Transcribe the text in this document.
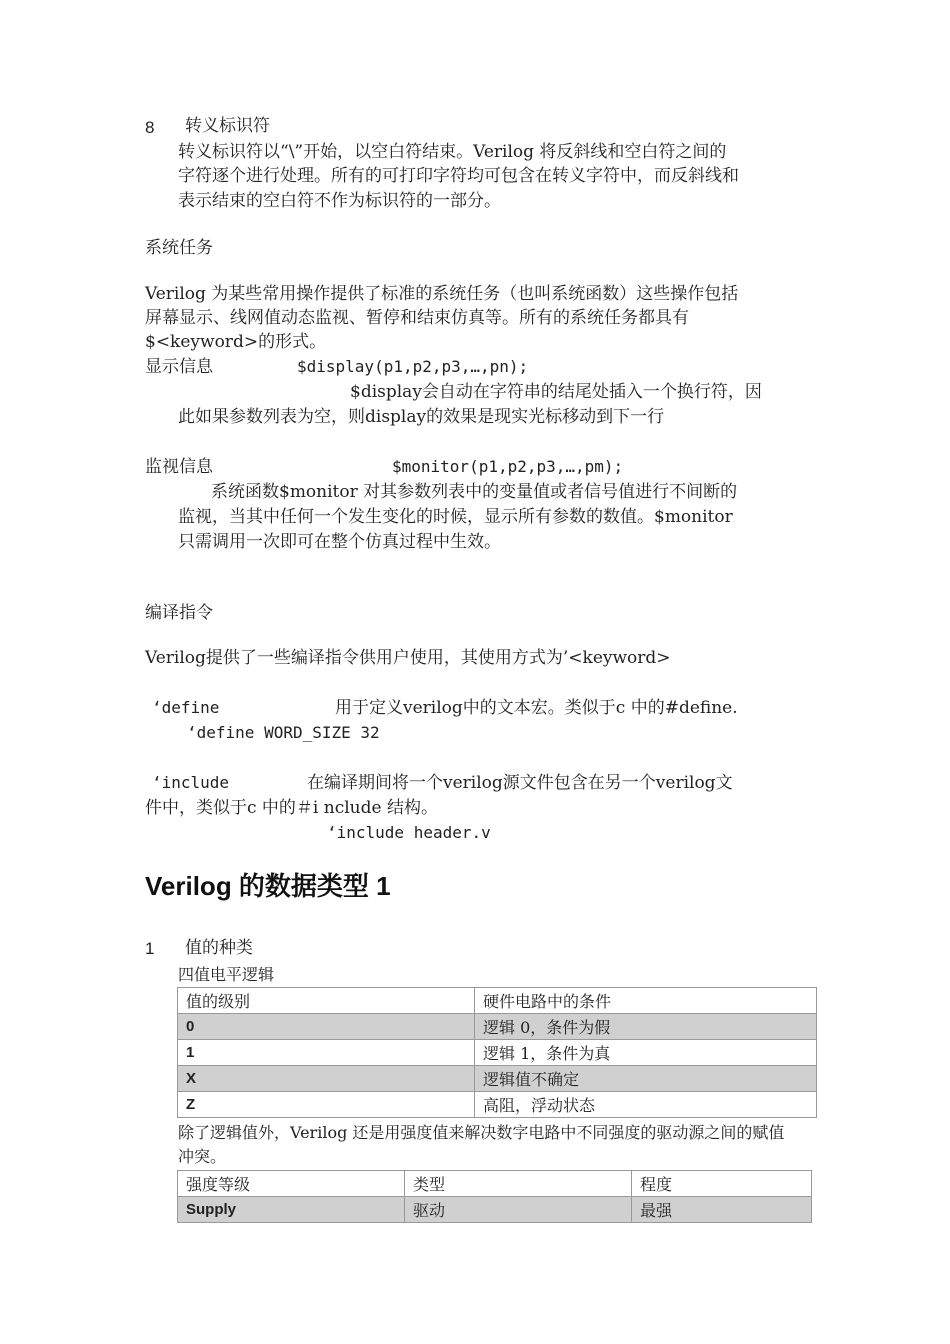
8 转义标识符
转义标识符以“\”开始，以空白符结束。Verilog 将反斜线和空白符之间的
字符逐个进行处理。所有的可打印字符均可包含在转义字符中，而反斜线和
表示结束的空白符不作为标识符的一部分。
系统任务
Verilog 为某些常用操作提供了标准的系统任务（也叫系统函数）这些操作包括
屏幕显示、线网值动态监视、暂停和结束仿真等。所有的系统任务都具有
$<keyword>的形式。
显示信息	$display(p1,p2,p3,…,pn);
$display会自动在字符串的结尾处插入一个换行符，因
此如果参数列表为空，则display的效果是现实光标移动到下一行
监视信息	$monitor(p1,p2,p3,…,pm);
系统函数$monitor 对其参数列表中的变量值或者信号值进行不间断的
监视，当其中任何一个发生变化的时候，显示所有参数的数值。$monitor
只需调用一次即可在整个仿真过程中生效。
编译指令
Verilog提供了一些编译指令供用户使用，其使用方式为’<keyword>
‘define	用于定义verilog中的文本宏。类似于c 中的#define.
‘define WORD_SIZE 32
‘include	在编译期间将一个verilog源文件包含在另一个verilog文
件中，类似于c 中的＃i nclude 结构。
‘include header.v
Verilog 的数据类型 1
1 值的种类
四值电平逻辑
值的级别	硬件电路中的条件
0	逻辑 0，条件为假
1	逻辑 1，条件为真
X	逻辑值不确定
Z	高阻，浮动状态
除了逻辑值外，Verilog 还是用强度值来解决数字电路中不同强度的驱动源之间的赋值
冲突。
强度等级	类型	程度
Supply	驱动	最强
